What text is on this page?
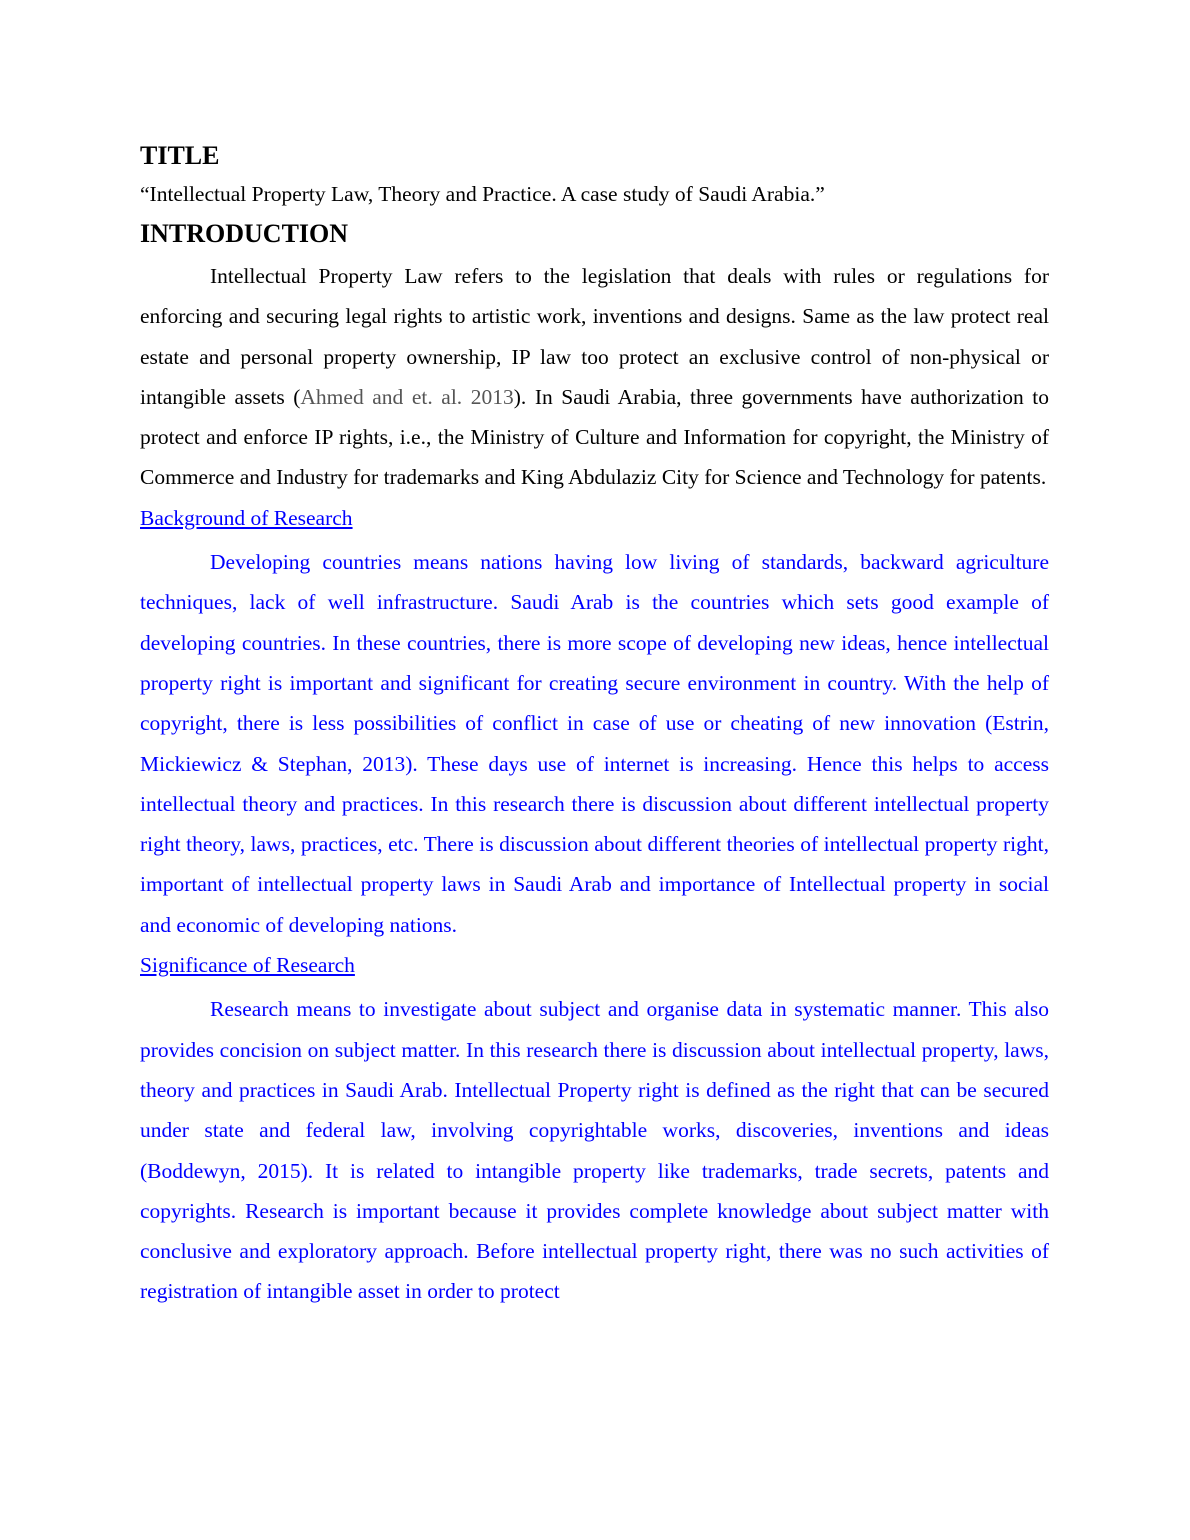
TITLE

“Intellectual Property Law, Theory and Practice. A case study of Saudi Arabia.”

INTRODUCTION

Intellectual Property Law refers to the legislation that deals with rules or regulations for enforcing and securing legal rights to artistic work, inventions and designs. Same as the law protect real estate and personal property ownership, IP law too protect an exclusive control of non-physical or intangible assets (Ahmed and et. al. 2013). In Saudi Arabia, three governments have authorization to protect and enforce IP rights, i.e., the Ministry of Culture and Information for copyright, the Ministry of Commerce and Industry for trademarks and King Abdulaziz City for Science and Technology for patents.

Background of Research

Developing countries means nations having low living of standards, backward agriculture techniques, lack of well infrastructure. Saudi Arab is the countries which sets good example of developing countries. In these countries, there is more scope of developing new ideas, hence intellectual property right is important and significant for creating secure environment in country. With the help of copyright, there is less possibilities of conflict in case of use or cheating of new innovation (Estrin, Mickiewicz & Stephan, 2013). These days use of internet is increasing. Hence this helps to access intellectual theory and practices. In this research there is discussion about different intellectual property right theory, laws, practices, etc. There is discussion about different theories of intellectual property right, important of intellectual property laws in Saudi Arab and importance of Intellectual property in social and economic of developing nations.

Significance of Research

Research means to investigate about subject and organise data in systematic manner. This also provides concision on subject matter. In this research there is discussion about intellectual property, laws, theory and practices in Saudi Arab. Intellectual Property right is defined as the right that can be secured under state and federal law, involving copyrightable works, discoveries, inventions and ideas (Boddewyn, 2015). It is related to intangible property like trademarks, trade secrets, patents and copyrights. Research is important because it provides complete knowledge about subject matter with conclusive and exploratory approach. Before intellectual property right, there was no such activities of registration of intangible asset in order to protect
